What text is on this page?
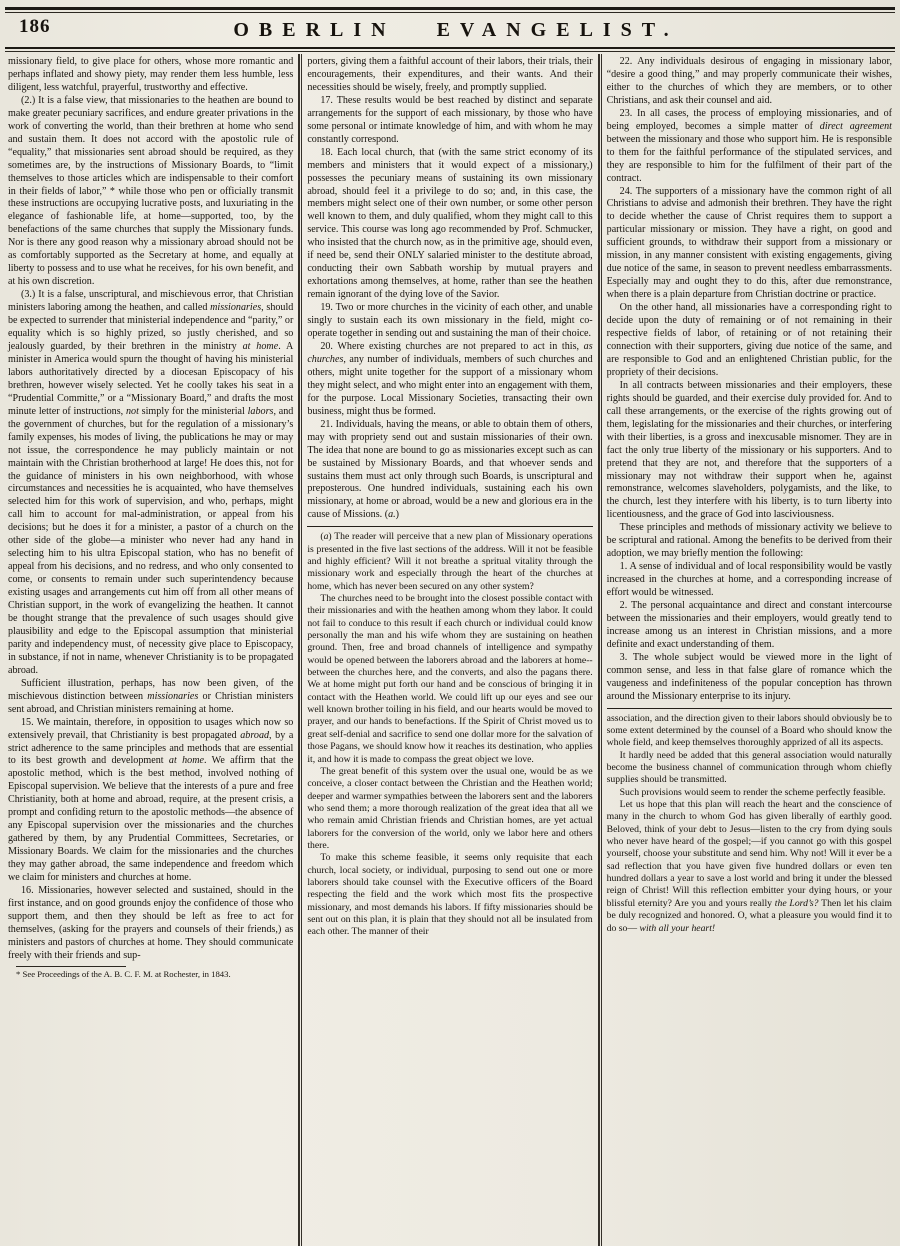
186	OBERLIN EVANGELIST.

missionary field, to give place for others, whose more romantic and perhaps inflated and showy piety, may render them less humble, less diligent, less watchful, prayerful, trustworthy and effective.

(2.) It is a false view, that missionaries to the heathen are bound to make greater pecuniary sacrifices, and endure greater privations in the work of converting the world, than their brethren at home who send and sustain them. It does not accord with the apostolic rule of “equality,” that missionaries sent abroad should be required, as they sometimes are, by the instructions of Missionary Boards, to “limit themselves to those articles which are indispensable to their comfort in their fields of labor,” * while those who pen or officially transmit these instructions are occupying lucrative posts, and luxuriating in the elegance of fashionable life, at home—supported, too, by the benefactions of the same churches that supply the Missionary funds. Nor is there any good reason why a missionary abroad should not be as comfortably supported as the Secretary at home, and equally at liberty to possess and to use what he receives, for his own benefit, and at his own discretion.

(3.) It is a false, unscriptural, and mischievous error, that Christian ministers laboring among the heathen, and called missionaries, should be expected to surrender that ministerial independence and “parity,” or equality which is so highly prized, so justly cherished, and so jealously guarded, by their brethren in the ministry at home. A minister in America would spurn the thought of having his ministerial labors authoritatively directed by a diocesan Episcopacy of his brethren, however wisely selected. Yet he coolly takes his seat in a “Prudential Committe,” or a “Missionary Board,” and drafts the most minute letter of instructions, not simply for the ministerial labors, and the government of churches, but for the regulation of a missionary’s family expenses, his modes of living, the publications he may or may not issue, the correspondence he may publicly maintain or not maintain with the Christian brotherhood at large! He does this, not for the guidance of ministers in his own neighborhood, with whose circumstances and necessities he is acquainted, who have themselves selected him for this work of supervision, and who, perhaps, might call him to account for mal-administration, or appeal from his decisions; but he does it for a minister, a pastor of a church on the other side of the globe—a minister who never had any hand in selecting him to his ultra Episcopal station, who has no benefit of appeal from his decisions, and no redress, and who only consented to come, or consents to remain under such superintendency because existing usages and arrangements cut him off from all other means of Christian support, in the work of evangelizing the heathen. It cannot be thought strange that the prevalence of such usages should give plausibility and edge to the Episcopal assumption that ministerial parity and independency must, of necessity give place to Episcopacy, in substance, if not in name, whenever Christianity is to be propagated abroad.

Sufficient illustration, perhaps, has now been given, of the mischievous distinction between missionaries or Christian ministers sent abroad, and Christian ministers remaining at home.

15. We maintain, therefore, in opposition to usages which now so extensively prevail, that Christianity is best propagated abroad, by a strict adherence to the same principles and methods that are essential to its best growth and development at home. We affirm that the apostolic method, which is the best method, involved nothing of Episcopal supervision. We believe that the interests of a pure and free Christianity, both at home and abroad, require, at the present crisis, a prompt and confiding return to the apostolic methods—the absence of any Episcopal supervision over the missionaries and the churches gathered by them, by any Prudential Committees, Secretaries, or Missionary Boards. We claim for the missionaries and the churches they may gather abroad, the same independence and freedom which we claim for ministers and churches at home.

16. Missionaries, however selected and sustained, should in the first instance, and on good grounds enjoy the confidence of those who support them, and then they should be left as free to act for themselves, (asking for the prayers and counsels of their friends,) as ministers and pastors of churches at home. They should communicate freely with their friends and sup-

* See Proceedings of the A. B. C. F. M. at Rochester, in 1843.

porters, giving them a faithful account of their labors, their trials, their encouragements, their expenditures, and their wants. And their necessities should be wisely, freely, and promptly supplied.

17. These results would be best reached by distinct and separate arrangements for the support of each missionary, by those who have some personal or intimate knowledge of him, and with whom he may constantly correspond.

18. Each local church, that (with the same strict economy of its members and ministers that it would expect of a missionary,) possesses the pecuniary means of sustaining its own missionary abroad, should feel it a privilege to do so; and, in this case, the members might select one of their own number, or some other person well known to them, and duly qualified, whom they might call to this service. This course was long ago recommended by Prof. Schmucker, who insisted that the church now, as in the primitive age, should even, if need be, send their ONLY salaried minister to the destitute abroad, conducting their own Sabbath worship by mutual prayers and exhortations among themselves, at home, rather than see the heathen remain ignorant of the dying love of the Savior.

19. Two or more churches in the vicinity of each other, and unable singly to sustain each its own missionary in the field, might co-operate together in sending out and sustaining the man of their choice.

20. Where existing churches are not prepared to act in this, as churches, any number of individuals, members of such churches and others, might unite together for the support of a missionary whom they might select, and who might enter into an engagement with them, for the purpose. Local Missionary Societies, transacting their own business, might thus be formed.

21. Individuals, having the means, or able to obtain them of others, may with propriety send out and sustain missionaries of their own. The idea that none are bound to go as missionaries except such as can be sustained by Missionary Boards, and that whoever sends and sustains them must act only through such Boards, is unscriptural and preposterous. One hundred individuals, sustaining each his own missionary, at home or abroad, would be a new and glorious era in the cause of Missions. (a.)

(a) The reader will perceive that a new plan of Missionary operations is presented in the five last sections of the address. Will it not be feasible and highly efficient? Will it not breathe a spritual vitality through the missionary work and especially through the heart of the churches at home, which has never been secured on any other system?

The churches need to be brought into the closest possible contact with their missionaries and with the heathen among whom they labor. It could not fail to conduce to this result if each church or individual could know personally the man and his wife whom they are sustaining on heathen ground. Then, free and broad channels of intelligence and sympathy would be opened between the laborers abroad and the laborers at home--between the churches here, and the converts, and also the pagans there. We at home might put forth our hand and be conscious of bringing it in contact with the Heathen world. We could lift up our eyes and see our well known brother toiling in his field, and our hearts would be moved to prayer, and our hands to benefactions. If the Spirit of Christ moved us to great self-denial and sacrifice to send one dollar more for the salvation of those Pagans, we should know how it reaches its destination, who applies it, and how it is made to compass the great object we love.

The great benefit of this system over the usual one, would be as we conceive, a closer contact between the Christian and the Heathen world; deeper and warmer sympathies between the laborers sent and the laborers who send them; a more thorough realization of the great idea that all we who remain amid Christian friends and Christian homes, are yet actual laborers for the conversion of the world, only we labor here and others there.

To make this scheme feasible, it seems only requisite that each church, local society, or individual, purposing to send out one or more laborers should take counsel with the Executive officers of the Board respecting the field and the work which most fits the prospective missionary, and most demands his labors. If fifty missionaries should be sent out on this plan, it is plain that they should not all be insulated from each other. The manner of their

22. Any individuals desirous of engaging in missionary labor, “desire a good thing,” and may properly communicate their wishes, either to the churches of which they are members, or to other Christians, and ask their counsel and aid.

23. In all cases, the process of employing missionaries, and of being employed, becomes a simple matter of direct agreement between the missionary and those who support him. He is responsible to them for the faithful performance of the stipulated services, and they are responsible to him for the fulfilment of their part of the contract.

24. The supporters of a missionary have the common right of all Christians to advise and admonish their brethren. They have the right to decide whether the cause of Christ requires them to support a particular missionary or mission. They have a right, on good and sufficient grounds, to withdraw their support from a missionary or mission, in any manner consistent with existing engagements, giving due notice of the same, in season to prevent needless embarrassments. Especially may and ought they to do this, after due remonstrance, when there is a plain departure from Christian doctrine or practice.

On the other hand, all missionaries have a corresponding right to decide upon the duty of remaining or of not remaining in their respective fields of labor, of retaining or of not retaining their connection with their supporters, giving due notice of the same, and are responsible to God and an enlightened Christian public, for the propriety of their decisions.

In all contracts between missionaries and their employers, these rights should be guarded, and their exercise duly provided for. And to call these arrangements, or the exercise of the rights growing out of them, legislating for the missionaries and their churches, or interfering with their liberties, is a gross and inexcusable misnomer. They are in fact the only true liberty of the missionary or his supporters. And to pretend that they are not, and therefore that the supporters of a missionary may not withdraw their support when he, against remonstrance, welcomes slaveholders, polygamists, and the like, to the church, lest they interfere with his liberty, is to turn liberty into licentiousness, and the grace of God into lasciviousness.

These principles and methods of missionary activity we believe to be scriptural and rational. Among the benefits to be derived from their adoption, we may briefly mention the following:

1. A sense of individual and of local responsibility would be vastly increased in the churches at home, and a corresponding increase of effort would be witnessed.

2. The personal acquaintance and direct and constant intercourse between the missionaries and their employers, would greatly tend to increase among us an interest in Christian missions, and a more definite and exact understanding of them.

3. The whole subject would be viewed more in the light of common sense, and less in that false glare of romance which the vaugeness and indefiniteness of the popular conception has thrown around the Missionary enterprise to its injury.

association, and the direction given to their labors should obviously be to some extent determined by the counsel of a Board who should know the whole field, and keep themselves thoroughly apprized of all its aspects.

It hardly need be added that this general association would naturally become the business channel of communication through whom chiefly supplies should be transmitted.

Such provisions would seem to render the scheme perfectly feasible.

Let us hope that this plan will reach the heart and the conscience of many in the church to whom God has given liberally of earthly good. Beloved, think of your debt to Jesus—listen to the cry from dying souls who never have heard of the gospel;—if you cannot go with this gospel yourself, choose your substitute and send him. Why not! Will it ever be a sad reflection that you have given five hundred dollars or even ten hundred dollars a year to save a lost world and bring it under the blessed reign of Christ! Will this reflection embitter your dying hours, or your blissful eternity? Are you and yours really the Lord’s? Then let his claim be duly recognized and honored. O, what a pleasure you would find it to do so— with all your heart!
